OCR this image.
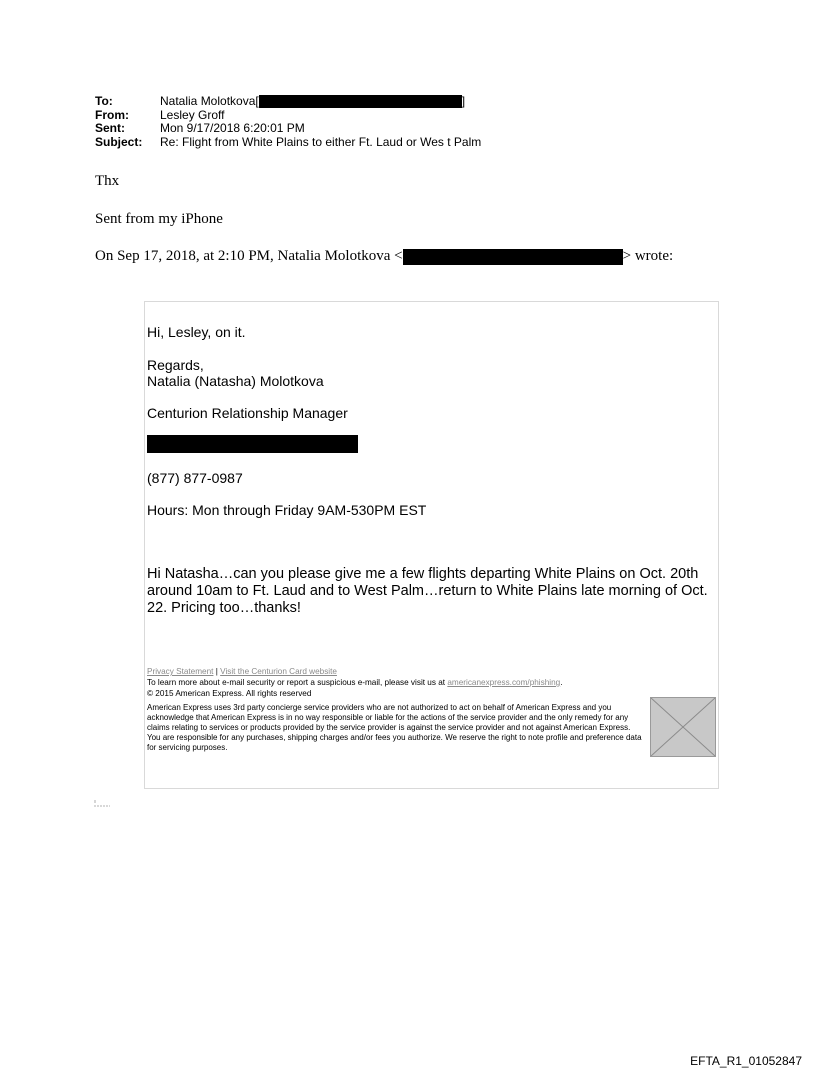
To:	Natalia Molotkova[	]
From:	Lesley Groff
Sent:	Mon 9/17/2018 6:20:01 PM
Subject:	Re: Flight from White Plains to either Ft. Laud or Wes t Palm
Thx
Sent from my iPhone
On Sep 17, 2018, at 2:10 PM, Natalia Molotkova <	> wrote:
Hi, Lesley, on it.
Regards,
Natalia (Natasha) Molotkova
Centurion Relationship Manager
(877) 877-0987
Hours: Mon through Friday 9AM-530PM EST
Hi Natasha…can you please give me a few flights departing White Plains on Oct. 20th around 10am to Ft. Laud and to West Palm…return to White Plains late morning of Oct. 22. Pricing too…thanks!
Privacy Statement | Visit the Centurion Card website
To learn more about e-mail security or report a suspicious e-mail, please visit us at americanexpress.com/phishing.
© 2015 American Express. All rights reserved
American Express uses 3rd party concierge service providers who are not authorized to act on behalf of American Express and you acknowledge that American Express is in no way responsible or liable for the actions of the service provider and the only remedy for any claims relating to services or products provided by the service provider is against the service provider and not against American Express. You are responsible for any purchases, shipping charges and/or fees you authorize. We reserve the right to note profile and preference data for servicing purposes.
EFTA_R1_01052847
